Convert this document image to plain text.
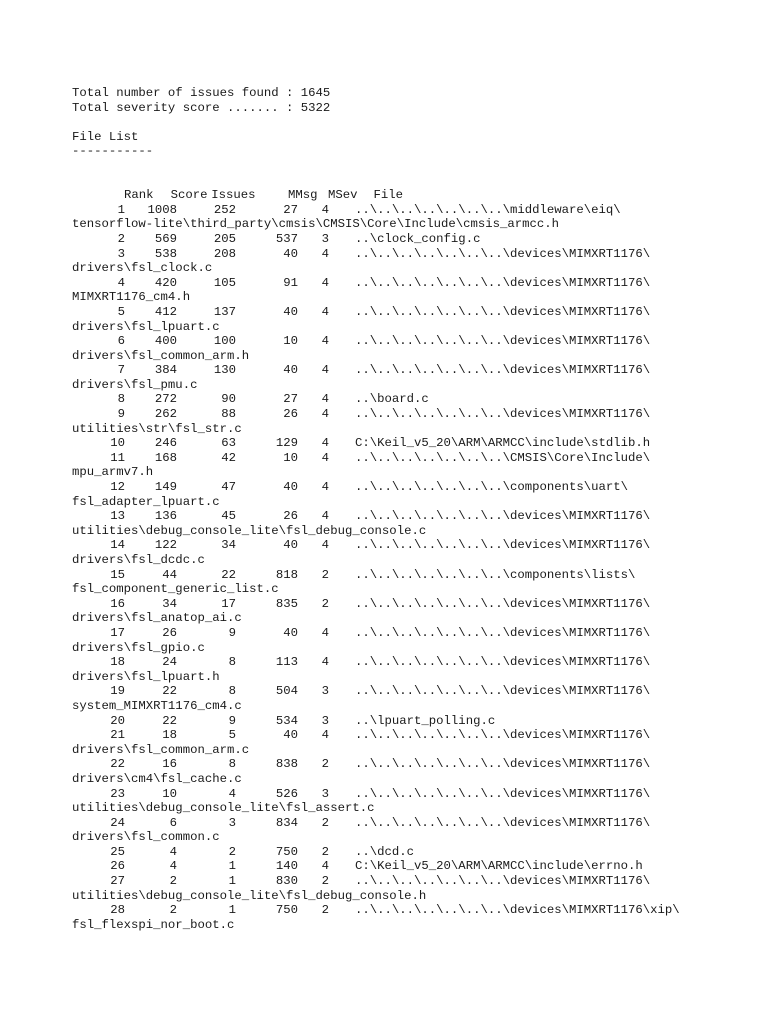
Total number of issues found : 1645
Total severity score ....... : 5322
File List
-----------

Rank Score Issues	MMsg MSev File

1 1008	252	27 4 ..\..\..\..\..\..\..\middleware\eiq\
tensorflow-lite\third_party\cmsis\CMSIS\Core\Include\cmsis_armcc.h
2 569	205	537 3 ..\clock_config.c
3 538	208	40 4 ..\..\..\..\..\..\..\devices\MIMXRT1176\
drivers\fsl_clock.c
4 420	105	91 4 ..\..\..\..\..\..\..\devices\MIMXRT1176\
MIMXRT1176_cm4.h
5 412	137	40 4 ..\..\..\..\..\..\..\devices\MIMXRT1176\
drivers\fsl_lpuart.c
6 400	100	10 4 ..\..\..\..\..\..\..\devices\MIMXRT1176\
drivers\fsl_common_arm.h
7 384	130	40 4 ..\..\..\..\..\..\..\devices\MIMXRT1176\
drivers\fsl_pmu.c
8 272	90	27 4 ..\board.c
9 262	88	26 4 ..\..\..\..\..\..\..\devices\MIMXRT1176\
utilities\str\fsl_str.c
10 246	63	129 4 C:\Keil_v5_20\ARM\ARMCC\include\stdlib.h
11 168	42	10 4 ..\..\..\..\..\..\..\CMSIS\Core\Include\
mpu_armv7.h
12 149	47	40 4 ..\..\..\..\..\..\..\components\uart\
fsl_adapter_lpuart.c
13 136	45	26 4 ..\..\..\..\..\..\..\devices\MIMXRT1176\
utilities\debug_console_lite\fsl_debug_console.c
14 122	34	40 4 ..\..\..\..\..\..\..\devices\MIMXRT1176\
drivers\fsl_dcdc.c
15	44	22	818 2 ..\..\..\..\..\..\..\components\lists\
fsl_component_generic_list.c
16	34	17	835 2 ..\..\..\..\..\..\..\devices\MIMXRT1176\
drivers\fsl_anatop_ai.c
17	26	9	40 4 ..\..\..\..\..\..\..\devices\MIMXRT1176\
drivers\fsl_gpio.c
18	24	8	113 4 ..\..\..\..\..\..\..\devices\MIMXRT1176\
drivers\fsl_lpuart.h
19	22	8	504 3 ..\..\..\..\..\..\..\devices\MIMXRT1176\
system_MIMXRT1176_cm4.c
20	22	9	534 3 ..\lpuart_polling.c
21	18	5	40 4 ..\..\..\..\..\..\..\devices\MIMXRT1176\
drivers\fsl_common_arm.c
22	16	8	838 2 ..\..\..\..\..\..\..\devices\MIMXRT1176\
drivers\cm4\fsl_cache.c
23	10	4	526 3 ..\..\..\..\..\..\..\devices\MIMXRT1176\
utilities\debug_console_lite\fsl_assert.c
24	6	3	834 2 ..\..\..\..\..\..\..\devices\MIMXRT1176\
drivers\fsl_common.c
25	4	2	750 2 ..\dcd.c
26	4	1	140 4 C:\Keil_v5_20\ARM\ARMCC\include\errno.h
27	2	1	830 2 ..\..\..\..\..\..\..\devices\MIMXRT1176\
utilities\debug_console_lite\fsl_debug_console.h
28	2	1	750 2 ..\..\..\..\..\..\..\devices\MIMXRT1176\xip\
fsl_flexspi_nor_boot.c
